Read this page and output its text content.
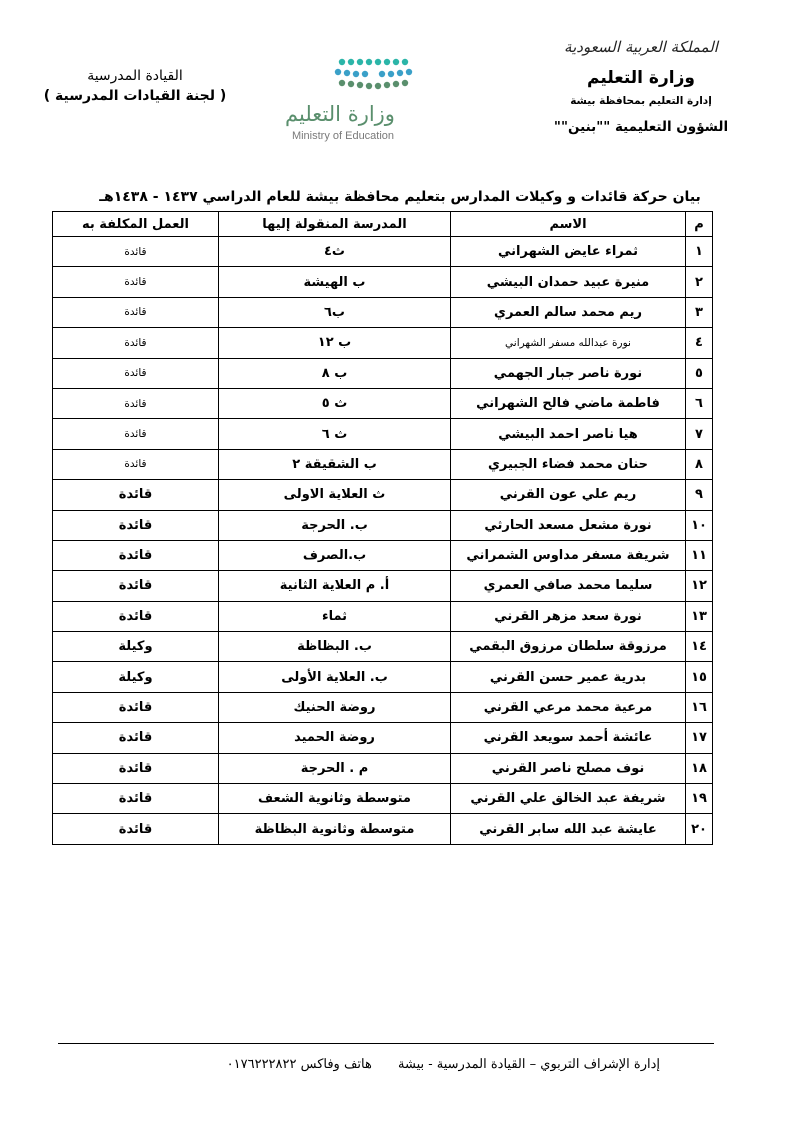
المملكة العربية السعودية
وزارة التعليم
إدارة التعليم بمحافظة بيشة
الشؤون التعليمية ""بنين""
وزارة التعليم
Ministry of Education
القيادة المدرسية
( لجنة القيادات المدرسية )
بيان حركة قائدات و وكيلات المدارس بتعليم محافظة بيشة للعام الدراسي ١٤٣٧ - ١٤٣٨هـ
م	الاسم	المدرسة المنقولة إليها	العمل المكلفة به
١	ثمراء عايض الشهراني	ث٤	قائدة
٢	منيرة عبيد حمدان البيشي	ب الهيشة	قائدة
٣	ريم محمد سالم العمري	ب٦	قائدة
٤	نورة عبدالله مسفر الشهراني	ب ١٢	قائدة
٥	نورة ناصر جبار الجهمي	ب ٨	قائدة
٦	فاطمة ماضي فالح الشهراني	ث ٥	قائدة
٧	هيا ناصر احمد البيشي	ث ٦	قائدة
٨	حنان محمد فضاء الجبيري	ب الشقيقة ٢	قائدة
٩	ريم علي عون القرني	ث العلاية الاولى	قائدة
١٠	نورة مشعل مسعد الحارثي	ب. الحرجة	قائدة
١١	شريفة مسفر مداوس الشمراني	ب.الصرف	قائدة
١٢	سليما محمد صافي العمري	أ. م العلاية الثانية	قائدة
١٣	نورة سعد مزهر القرني	ثماء	قائدة
١٤	مرزوقة سلطان مرزوق البقمي	ب. البظاظة	وكيلة
١٥	بدرية عمير حسن القرني	ب. العلاية الأولى	وكيلة
١٦	مرعية محمد مرعي القرني	روضة الحنيك	قائدة
١٧	عائشة أحمد سويعد القرني	روضة الحميد	قائدة
١٨	نوف مصلح ناصر القرني	م . الحرجة	قائدة
١٩	شريفة عبد الخالق علي القرني	متوسطة وثانوية الشعف	قائدة
٢٠	عايشة عبد الله سابر القرني	متوسطة وثانوية البظاظة	قائدة
إدارة الإشراف التربوي – القيادة المدرسية - بيشة هاتف وفاكس ٠١٧٦٢٢٢٨٢٢
